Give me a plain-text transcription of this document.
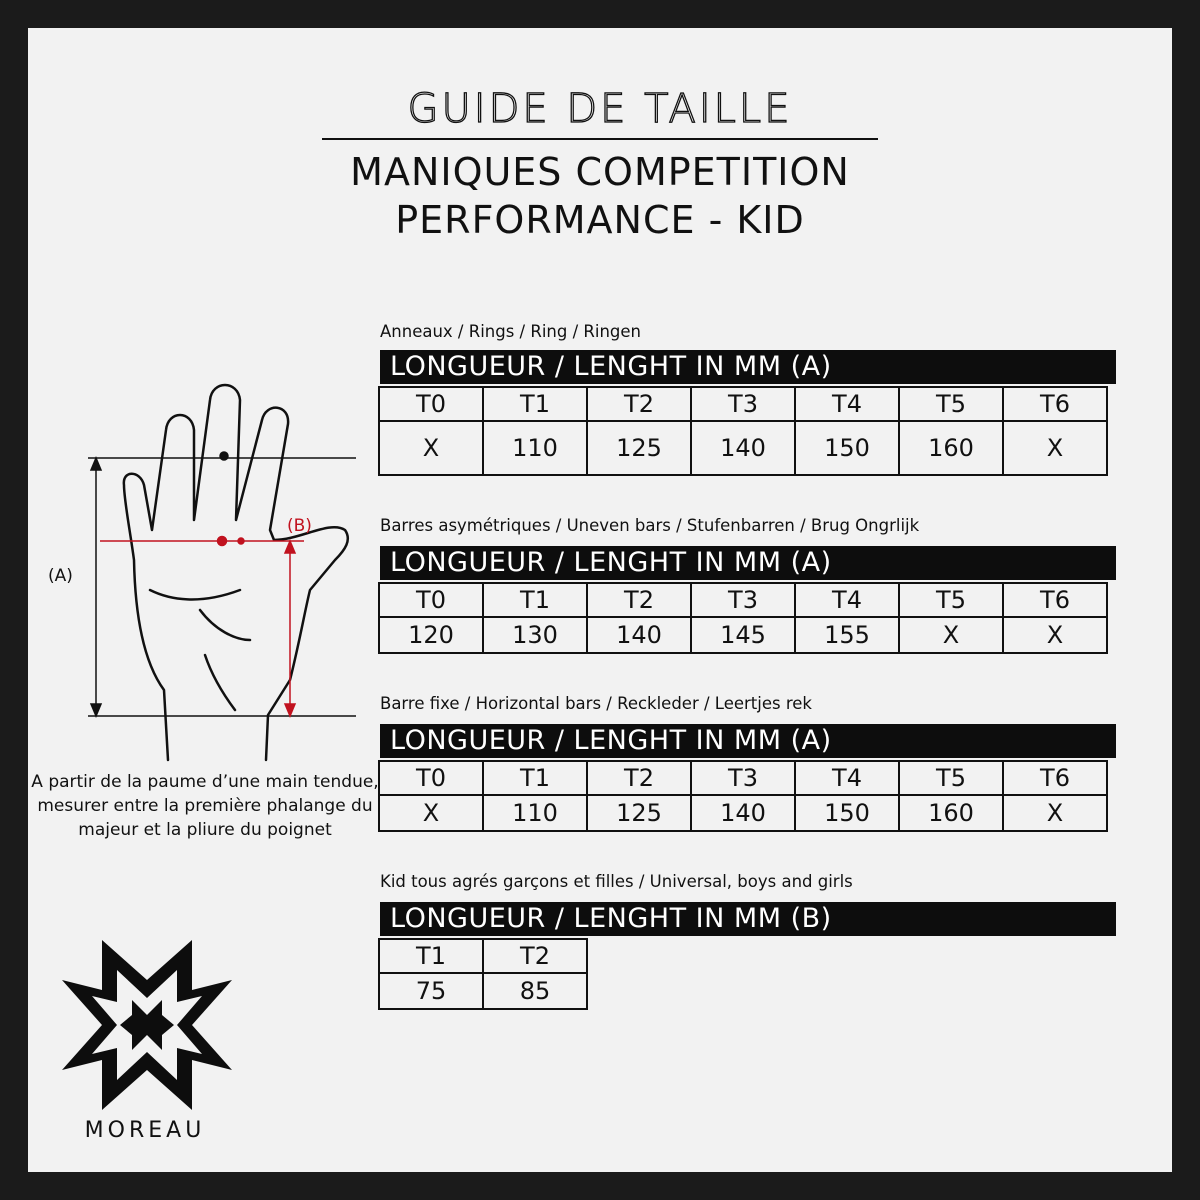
GUIDE DE TAILLE
MANIQUES COMPETITION
PERFORMANCE - KID
Anneaux / Rings / Ring / Ringen
LONGUEUR / LENGHT IN MM (A)
T0	T1	T2	T3	T4	T5	T6
X	110	125	140	150	160	X
Barres asymétriques / Uneven bars / Stufenbarren / Brug Ongrlijk
LONGUEUR / LENGHT IN MM (A)
T0	T1	T2	T3	T4	T5	T6
120	130	140	145	155	X	X
Barre fixe / Horizontal bars / Reckleder / Leertjes rek
LONGUEUR / LENGHT IN MM (A)
T0	T1	T2	T3	T4	T5	T6
X	110	125	140	150	160	X
Kid tous agrés garçons et filles / Universal, boys and girls
LONGUEUR / LENGHT IN MM (B)
T1	T2
75	85
(A)
(B)
A partir de la paume d’une main tendue, mesurer entre la première phalange du majeur et la pliure du poignet
MOREAU
